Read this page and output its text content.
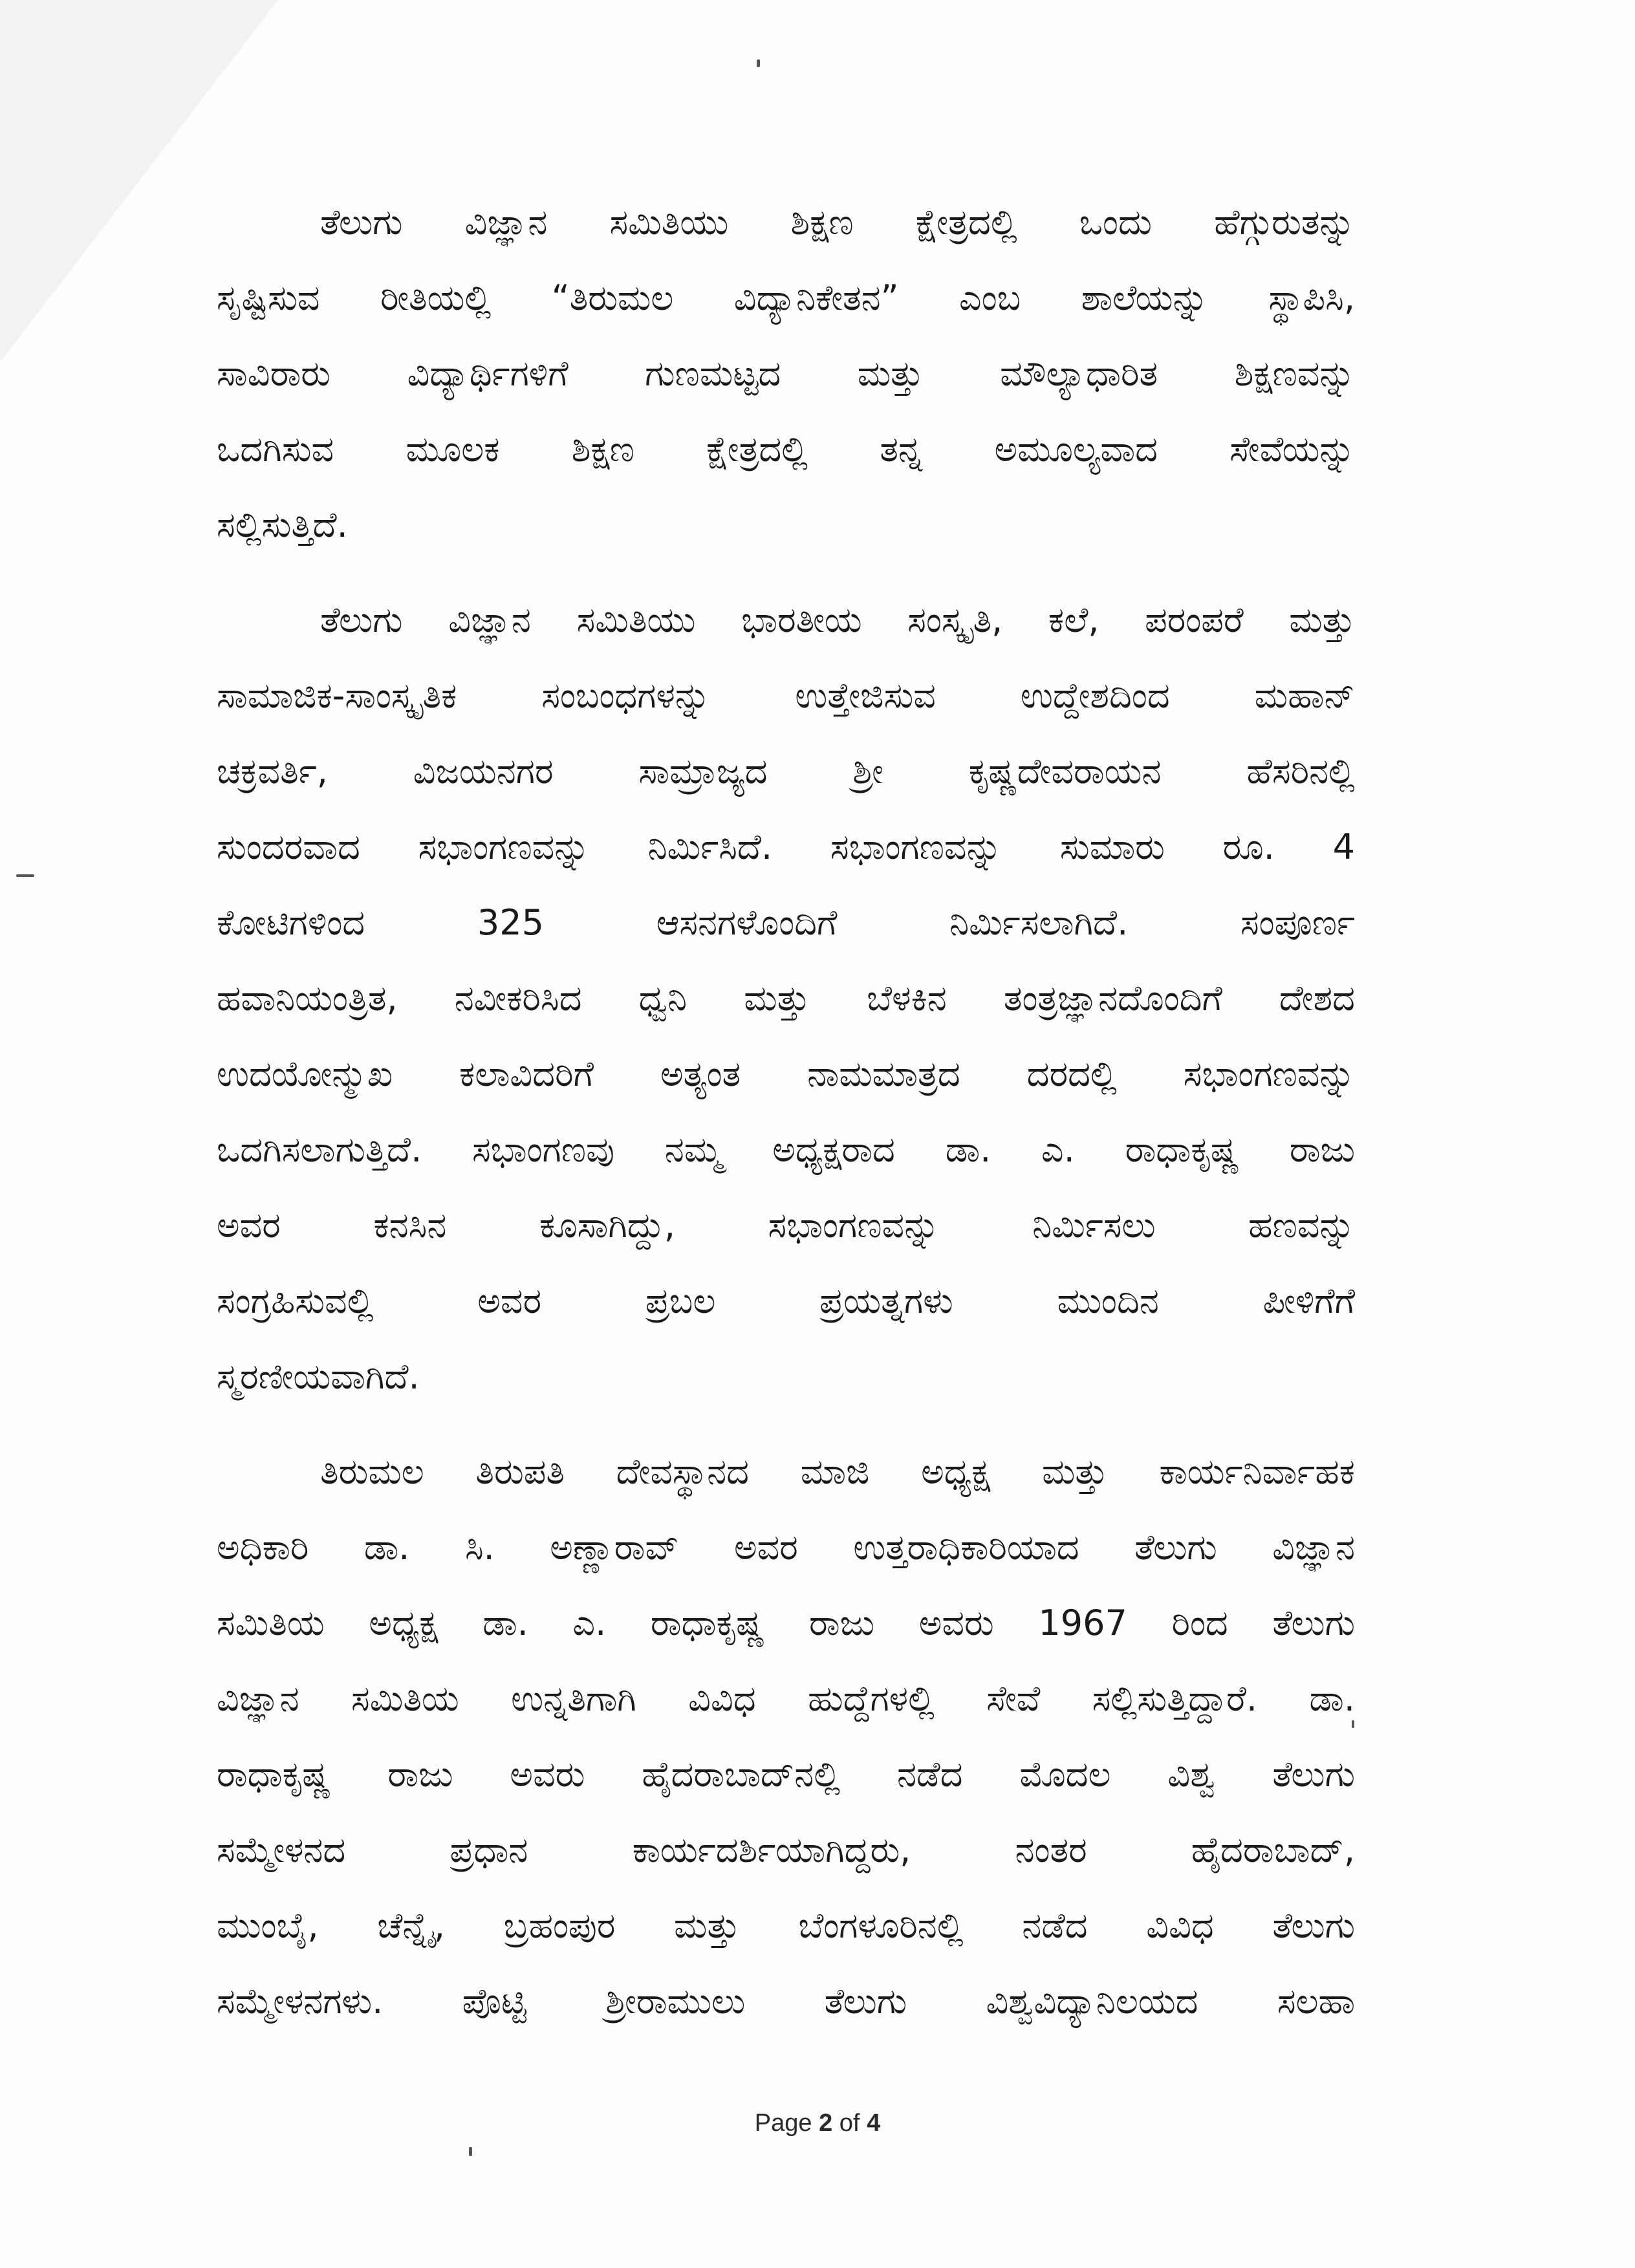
ತೆಲುಗು ವಿಜ್ಞಾನ ಸಮಿತಿಯು ಶಿಕ್ಷಣ ಕ್ಷೇತ್ರದಲ್ಲಿ ಒಂದು ಹೆಗ್ಗುರುತನ್ನು
ಸೃಷ್ಟಿಸುವ ರೀತಿಯಲ್ಲಿ “ತಿರುಮಲ ವಿದ್ಯಾನಿಕೇತನ” ಎಂಬ ಶಾಲೆಯನ್ನು ಸ್ಥಾಪಿಸಿ,
ಸಾವಿರಾರು ವಿದ್ಯಾರ್ಥಿಗಳಿಗೆ ಗುಣಮಟ್ಟದ ಮತ್ತು ಮೌಲ್ಯಾಧಾರಿತ ಶಿಕ್ಷಣವನ್ನು
ಒದಗಿಸುವ ಮೂಲಕ ಶಿಕ್ಷಣ ಕ್ಷೇತ್ರದಲ್ಲಿ ತನ್ನ ಅಮೂಲ್ಯವಾದ ಸೇವೆಯನ್ನು
ಸಲ್ಲಿಸುತ್ತಿದೆ.
ತೆಲುಗು ವಿಜ್ಞಾನ ಸಮಿತಿಯು ಭಾರತೀಯ ಸಂಸ್ಕೃತಿ, ಕಲೆ, ಪರಂಪರೆ ಮತ್ತು
ಸಾಮಾಜಿಕ-ಸಾಂಸ್ಕೃತಿಕ ಸಂಬಂಧಗಳನ್ನು ಉತ್ತೇಜಿಸುವ ಉದ್ದೇಶದಿಂದ ಮಹಾನ್
ಚಕ್ರವರ್ತಿ, ವಿಜಯನಗರ ಸಾಮ್ರಾಜ್ಯದ ಶ್ರೀ ಕೃಷ್ಣದೇವರಾಯನ ಹೆಸರಿನಲ್ಲಿ
ಸುಂದರವಾದ ಸಭಾಂಗಣವನ್ನು ನಿರ್ಮಿಸಿದೆ. ಸಭಾಂಗಣವನ್ನು ಸುಮಾರು ರೂ. 4
ಕೋಟಿಗಳಿಂದ 325 ಆಸನಗಳೊಂದಿಗೆ ನಿರ್ಮಿಸಲಾಗಿದೆ. ಸಂಪೂರ್ಣ
ಹವಾನಿಯಂತ್ರಿತ, ನವೀಕರಿಸಿದ ಧ್ವನಿ ಮತ್ತು ಬೆಳಕಿನ ತಂತ್ರಜ್ಞಾನದೊಂದಿಗೆ ದೇಶದ
ಉದಯೋನ್ಮುಖ ಕಲಾವಿದರಿಗೆ ಅತ್ಯಂತ ನಾಮಮಾತ್ರದ ದರದಲ್ಲಿ ಸಭಾಂಗಣವನ್ನು
ಒದಗಿಸಲಾಗುತ್ತಿದೆ. ಸಭಾಂಗಣವು ನಮ್ಮ ಅಧ್ಯಕ್ಷರಾದ ಡಾ. ಎ. ರಾಧಾಕೃಷ್ಣ ರಾಜು
ಅವರ ಕನಸಿನ ಕೂಸಾಗಿದ್ದು, ಸಭಾಂಗಣವನ್ನು ನಿರ್ಮಿಸಲು ಹಣವನ್ನು
ಸಂಗ್ರಹಿಸುವಲ್ಲಿ ಅವರ ಪ್ರಬಲ ಪ್ರಯತ್ನಗಳು ಮುಂದಿನ ಪೀಳಿಗೆಗೆ
ಸ್ಮರಣೀಯವಾಗಿದೆ.
ತಿರುಮಲ ತಿರುಪತಿ ದೇವಸ್ಥಾನದ ಮಾಜಿ ಅಧ್ಯಕ್ಷ ಮತ್ತು ಕಾರ್ಯನಿರ್ವಾಹಕ
ಅಧಿಕಾರಿ ಡಾ. ಸಿ. ಅಣ್ಣಾರಾವ್ ಅವರ ಉತ್ತರಾಧಿಕಾರಿಯಾದ ತೆಲುಗು ವಿಜ್ಞಾನ
ಸಮಿತಿಯ ಅಧ್ಯಕ್ಷ ಡಾ. ಎ. ರಾಧಾಕೃಷ್ಣ ರಾಜು ಅವರು 1967 ರಿಂದ ತೆಲುಗು
ವಿಜ್ಞಾನ ಸಮಿತಿಯ ಉನ್ನತಿಗಾಗಿ ವಿವಿಧ ಹುದ್ದೆಗಳಲ್ಲಿ ಸೇವೆ ಸಲ್ಲಿಸುತ್ತಿದ್ದಾರೆ. ಡಾ.
ರಾಧಾಕೃಷ್ಣ ರಾಜು ಅವರು ಹೈದರಾಬಾದ್‌ನಲ್ಲಿ ನಡೆದ ಮೊದಲ ವಿಶ್ವ ತೆಲುಗು
ಸಮ್ಮೇಳನದ ಪ್ರಧಾನ ಕಾರ್ಯದರ್ಶಿಯಾಗಿದ್ದರು, ನಂತರ ಹೈದರಾಬಾದ್,
ಮುಂಬೈ, ಚೆನ್ನೈ, ಬ್ರಹಂಪುರ ಮತ್ತು ಬೆಂಗಳೂರಿನಲ್ಲಿ ನಡೆದ ವಿವಿಧ ತೆಲುಗು
ಸಮ್ಮೇಳನಗಳು. ಪೊಟ್ಟಿ ಶ್ರೀರಾಮುಲು ತೆಲುಗು ವಿಶ್ವವಿದ್ಯಾನಿಲಯದ ಸಲಹಾ
Page 2 of 4
